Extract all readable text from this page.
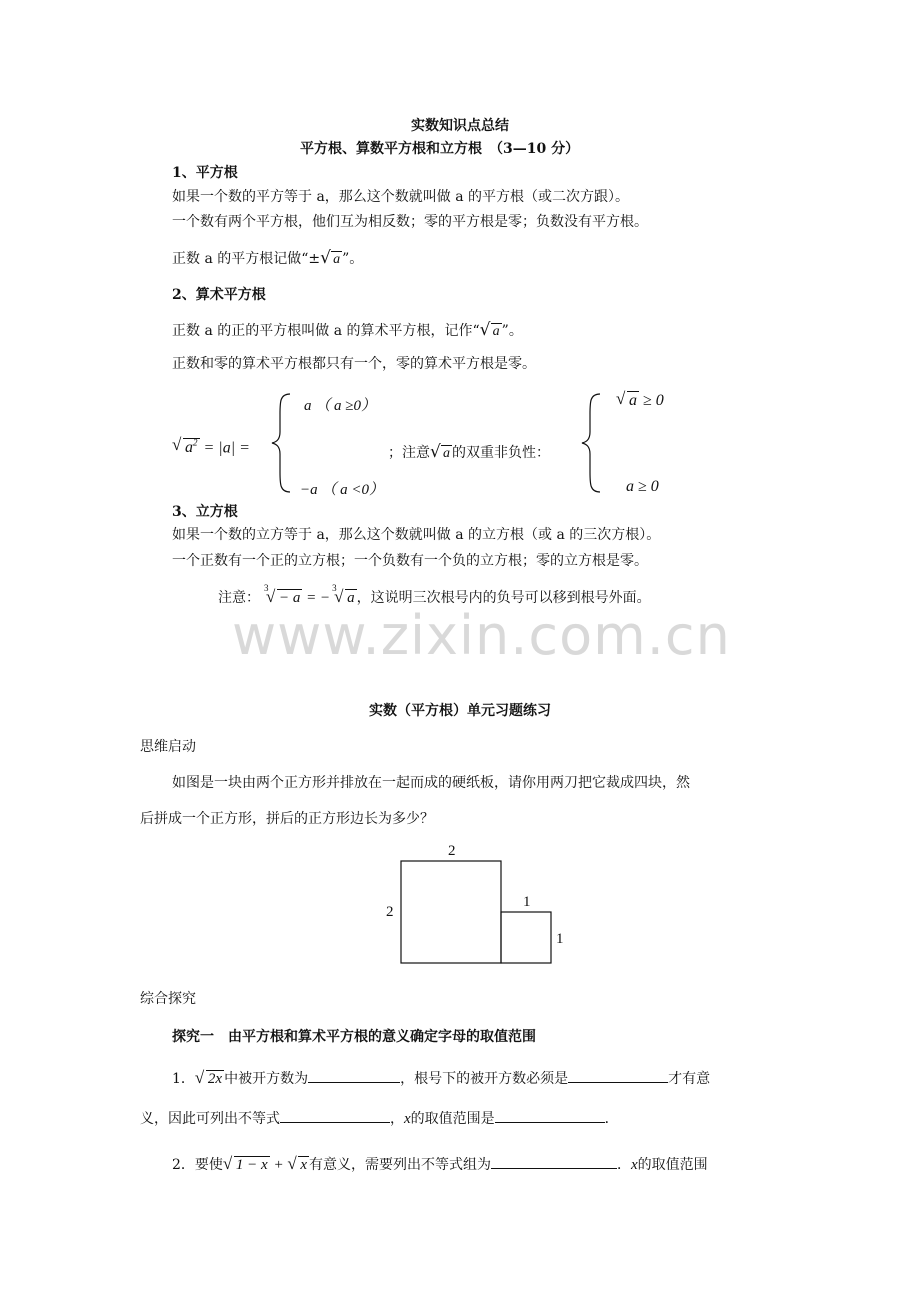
实数知识点总结
平方根、算数平方根和立方根　（3—10 分）
1、平方根
如果一个数的平方等于 a，那么这个数就叫做 a 的平方根（或二次方跟）。
一个数有两个平方根，他们互为相反数；零的平方根是零；负数没有平方根。
正数 a 的平方根记做“± √ a ”。
2、算术平方根
正数 a 的正的平方根叫做 a 的算术平方根，记作“ √ a ”。
正数和零的算术平方根都只有一个，零的算术平方根是零。
√ $a^2 = |a|$ =
a （ a ≥0）
−a （ a <0）
；注意 √ a 的双重非负性：
√ a ≥ 0
a ≥ 0
3、立方根
如果一个数的立方等于 a，那么这个数就叫做 a 的立方根（或 a 的三次方根）。
一个正数有一个正的立方根；一个负数有一个负的立方根；零的立方根是零。
注意：
√ 3
− a = −
√ 3
a ，这说明三次根号内的负号可以移到根号外面。
www.zixin.com.cn
实数（平方根）单元习题练习
思维启动
如图是一块由两个正方形并排放在一起而成的硬纸板，请你用两刀把它裁成四块，然
后拼成一个正方形，拼后的正方形边长为多少？
2
2
1
1
综合探究
探究一　由平方根和算术平方根的意义确定字母的取值范围
1． √ 2x 中被开方数为	，根号下的被开方数必须是	才有意
义，因此可列出不等式	，x的取值范围是	．
2．要使 √ 1 − x + √ x 有意义，需要列出不等式组为	．x的取值范围
